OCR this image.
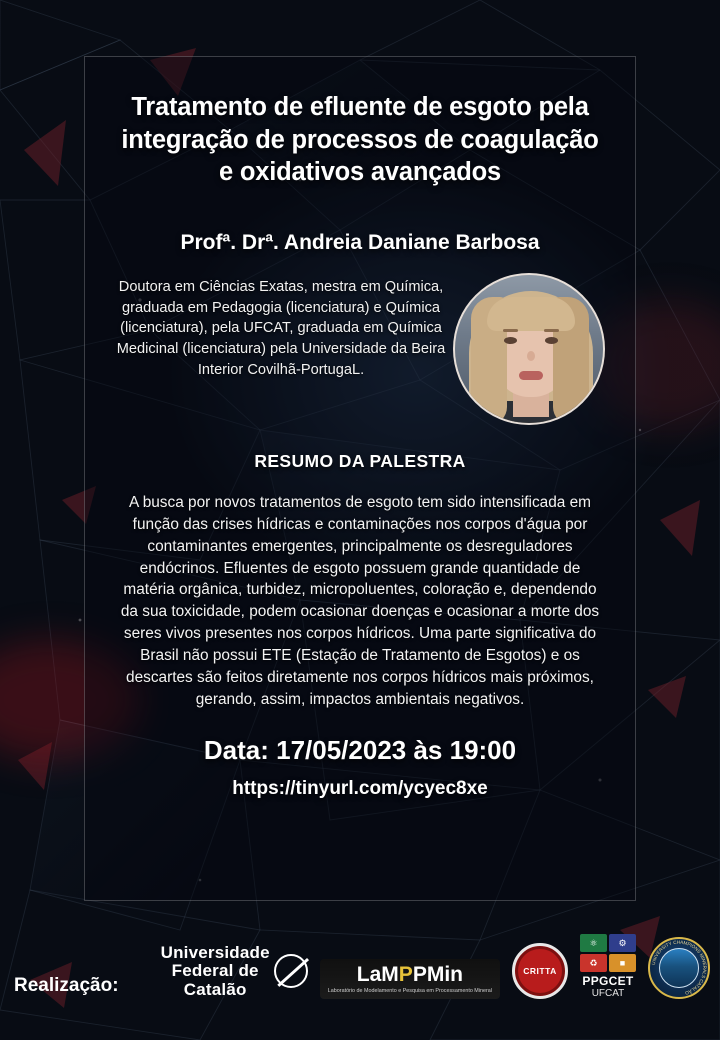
Tratamento de efluente de esgoto pela integração de processos de coagulação e oxidativos avançados
Profª. Drª. Andreia Daniane Barbosa
Doutora em Ciências Exatas, mestra em Química, graduada em Pedagogia (licenciatura) e Química (licenciatura), pela UFCAT, graduada em Química Medicinal (licenciatura) pela Universidade da Beira Interior Covilhã-PortugaL.
RESUMO DA PALESTRA
A busca por novos tratamentos de esgoto tem sido intensificada em função das crises hídricas e contaminações nos corpos d'água por contaminantes emergentes, principalmente os desreguladores endócrinos. Efluentes de esgoto possuem grande quantidade de matéria orgânica, turbidez, micropoluentes, coloração e, dependendo da sua toxicidade, podem ocasionar doenças e ocasionar a morte dos seres vivos presentes nos corpos hídricos. Uma parte significativa do Brasil não possui ETE (Estação de Tratamento de Esgotos) e os descartes são feitos diretamente nos corpos hídricos mais próximos, gerando, assim, impactos ambientais negativos.
Data: 17/05/2023 às 19:00
https://tinyurl.com/ycyec8xe
Realização:
Universidade
Federal de
Catalão
LaMPPMin
Laboratório de Modelamento e Pesquisa em Processamento Mineral
CRITTA
⚛	⚙
♻	■
PPGCET
UFCAT
UNIVERSITY CHAMPIONS MINERALS CATALÃO
